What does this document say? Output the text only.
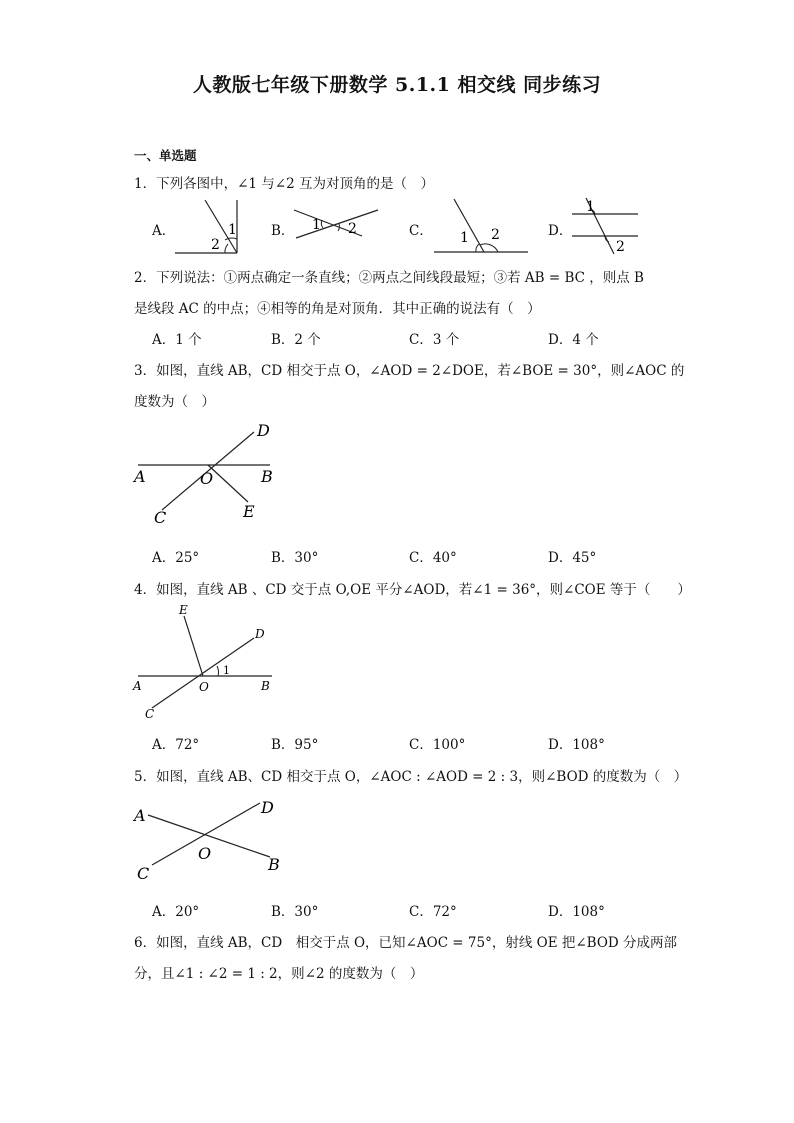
人教版七年级下册数学 5.1.1 相交线 同步练习
一、单选题
1．下列各图中，∠1 与∠2 互为对顶角的是（　）
A．	1
2
B． 1 2	C． 1 2	D．
1
2
2．下列说法：①两点确定一条直线；②两点之间线段最短；③若 AB = BC ，则点 B
是线段 AC 的中点；④相等的角是对顶角．其中正确的说法有（　）
A．1 个	B．2 个	C．3 个	D．4 个
3．如图，直线 AB，CD 相交于点 O，∠AOD = 2∠DOE，若∠BOE = 30°，则∠AOC 的
度数为（　）
D
A	O	B
C	E
A．25°	B．30°	C．40°	D．45°
4．如图，直线 AB 、CD 交于点 O,OE 平分∠AOD，若∠1 = 36°，则∠COE 等于（　　）
E
D
1
A	O	B
C
A．72°	B．95°	C．100°	D．108°
5．如图，直线 AB、CD 相交于点 O，∠AOC : ∠AOD = 2 : 3，则∠BOD 的度数为（　）
A	D
O
C	B
A．20°	B．30°	C．72°	D．108°
6．如图，直线 AB，CD　相交于点 O，已知∠AOC = 75°，射线 OE 把∠BOD 分成两部
分，且∠1 : ∠2 = 1 : 2，则∠2 的度数为（　）
